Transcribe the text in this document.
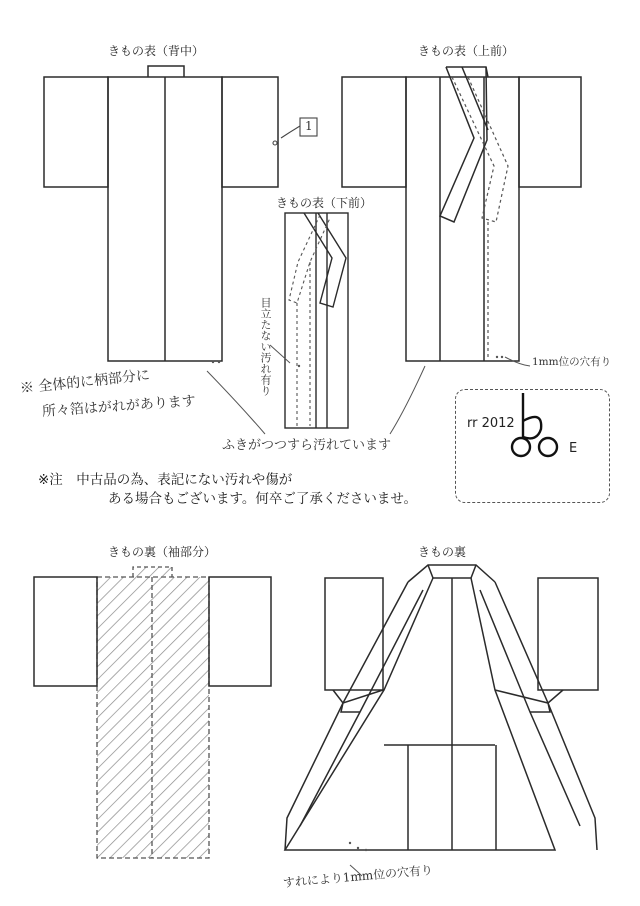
きもの表（背中）	きもの表（上前）
きもの表（下前）
きもの裏（袖部分）	きもの裏
1
※ 全体的に柄部分に
所々箔はがれがあります
目立たない汚れ有り
ふきがつつすら汚れています
1mm位の穴有り
すれにより1mm位の穴有り
※注　中古品の為、表記にない汚れや傷が
ある場合もございます。何卒ご了承くださいませ。
rr 2012
E
